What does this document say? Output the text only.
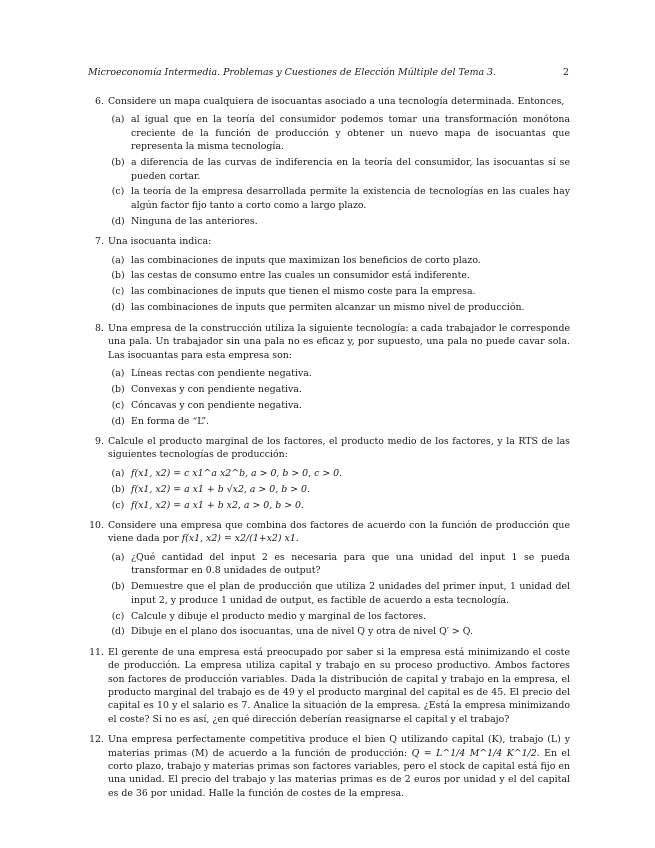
Microeconomía Intermedia. Problemas y Cuestiones de Elección Múltiple del Tema 3.	2
6. Considere un mapa cualquiera de isocuantas asociado a una tecnología determinada. Entonces,
(a) al igual que en la teoría del consumidor podemos tomar una transformación monótona creciente de la función de producción y obtener un nuevo mapa de isocuantas que representa la misma tecnología.
(b) a diferencia de las curvas de indiferencia en la teoría del consumidor, las isocuantas sí se pueden cortar.
(c) la teoría de la empresa desarrollada permite la existencia de tecnologías en las cuales hay algún factor fijo tanto a corto como a largo plazo.
(d) Ninguna de las anteriores.
7. Una isocuanta indica:
(a) las combinaciones de inputs que maximizan los beneficios de corto plazo.
(b) las cestas de consumo entre las cuales un consumidor está indiferente.
(c) las combinaciones de inputs que tienen el mismo coste para la empresa.
(d) las combinaciones de inputs que permiten alcanzar un mismo nivel de producción.
8. Una empresa de la construcción utiliza la siguiente tecnología: a cada trabajador le corresponde una pala. Un trabajador sin una pala no es eficaz y, por supuesto, una pala no puede cavar sola. Las isocuantas para esta empresa son:
(a) Líneas rectas con pendiente negativa.
(b) Convexas y con pendiente negativa.
(c) Cóncavas y con pendiente negativa.
(d) En forma de “L”.
9. Calcule el producto marginal de los factores, el producto medio de los factores, y la RTS de las siguientes tecnologías de producción:
(a) f(x1, x2) = c x1^a x2^b, a > 0, b > 0, c > 0.
(b) f(x1, x2) = a x1 + b √x2, a > 0, b > 0.
(c) f(x1, x2) = a x1 + b x2, a > 0, b > 0.
10. Considere una empresa que combina dos factores de acuerdo con la función de producción que viene dada por f(x1, x2) = x2/(1+x2) x1.
(a) ¿Qué cantidad del input 2 es necesaria para que una unidad del input 1 se pueda transformar en 0.8 unidades de output?
(b) Demuestre que el plan de producción que utiliza 2 unidades del primer input, 1 unidad del input 2, y produce 1 unidad de output, es factible de acuerdo a esta tecnología.
(c) Calcule y dibuje el producto medio y marginal de los factores.
(d) Dibuje en el plano dos isocuantas, una de nivel Q y otra de nivel Q′ > Q.
11. El gerente de una empresa está preocupado por saber si la empresa está minimizando el coste de producción. La empresa utiliza capital y trabajo en su proceso productivo. Ambos factores son factores de producción variables. Dada la distribución de capital y trabajo en la empresa, el producto marginal del trabajo es de 49 y el producto marginal del capital es de 45. El precio del capital es 10 y el salario es 7. Analice la situación de la empresa. ¿Está la empresa minimizando el coste? Si no es así, ¿en qué dirección deberían reasignarse el capital y el trabajo?
12. Una empresa perfectamente competitiva produce el bien Q utilizando capital (K), trabajo (L) y materias primas (M) de acuerdo a la función de producción: Q = L^1/4 M^1/4 K^1/2. En el corto plazo, trabajo y materias primas son factores variables, pero el stock de capital está fijo en una unidad. El precio del trabajo y las materias primas es de 2 euros por unidad y el del capital es de 36 por unidad. Halle la función de costes de la empresa.
